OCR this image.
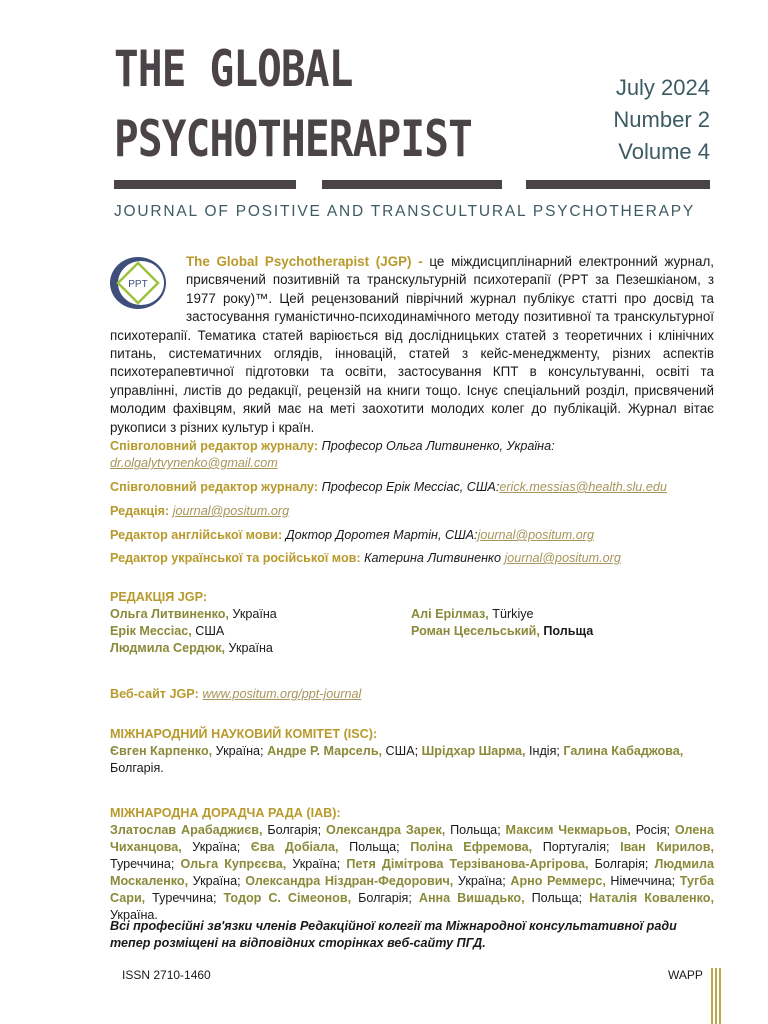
THE GLOBAL
PSYCHOTHERAPIST
July 2024
Number 2
Volume 4
JOURNAL OF POSITIVE AND TRANSCULTURAL PSYCHOTHERAPY
PPT
The Global Psychotherapist (JGP) - це міждисциплінарний електронний журнал, присвячений позитивній та транскультурній психотерапії (PPT за Пезешкіаном, з 1977 року)™. Цей рецензований піврічний журнал публікує статті про досвід та застосування гуманістично-психодинамічного методу позитивної та транскультурної психотерапії. Тематика статей варіюється від дослідницьких статей з теоретичних і клінічних питань, систематичних оглядів, інновацій, статей з кейс-менеджменту, різних аспектів психотерапевтичної підготовки та освіти, застосування КПТ в консультуванні, освіті та управлінні, листів до редакції, рецензій на книги тощо. Існує спеціальний розділ, присвячений молодим фахівцям, який має на меті заохотити молодих колег до публікацій. Журнал вітає рукописи з різних культур і країн.
Співголовний редактор журналу: Професор Ольга Литвиненко, Україна:
dr.olgalytvynenko@gmail.com
Співголовний редактор журналу: Професор Ерік Мессіас, США:erick.messias@health.slu.edu
Редакція: journal@positum.org
Редактор англійської мови: Доктор Доротея Мартін, США:journal@positum.org
Редактор української та російської мов: Катерина Литвиненко journal@positum.org
РЕДАКЦІЯ JGP:
Ольга Литвиненко, Україна
Ерік Мессіас, США
Людмила Сердюк, Україна
Алі Ерілмаз, Türkiye
Роман Цесельський, Польща
Веб-сайт JGP: www.positum.org/ppt-journal
МІЖНАРОДНИЙ НАУКОВИЙ КОМІТЕТ (ISC):
Євген Карпенко, Україна; Андре Р. Марсель, США; Шрідхар Шарма, Індія; Галина Кабаджова, Болгарія.
МІЖНАРОДНА ДОРАДЧА РАДА (IAB):
Златослав Арабаджиєв, Болгарія; Олександра Зарек, Польща; Максим Чекмарьов, Росія; Олена Чиханцова, Україна; Єва Добіала, Польща; Поліна Ефремова, Португалія; Іван Кирилов, Туреччина; Ольга Купрєєва, Україна; Петя Дімітрова Терзіванова-Аргірова, Болгарія; Людмила Москаленко, Україна; Олександра Ніздран-Федорович, Україна; Арно Реммерс, Німеччина; Тугба Сари, Туреччина; Тодор С. Сімеонов, Болгарія; Анна Вишадько, Польща; Наталія Коваленко, Україна.
Всі професійні зв'язки членів Редакційної колегії та Міжнародної консультативної ради тепер розміщені на відповідних сторінках веб-сайту ПГД.
ISSN 2710-1460	WAPP
